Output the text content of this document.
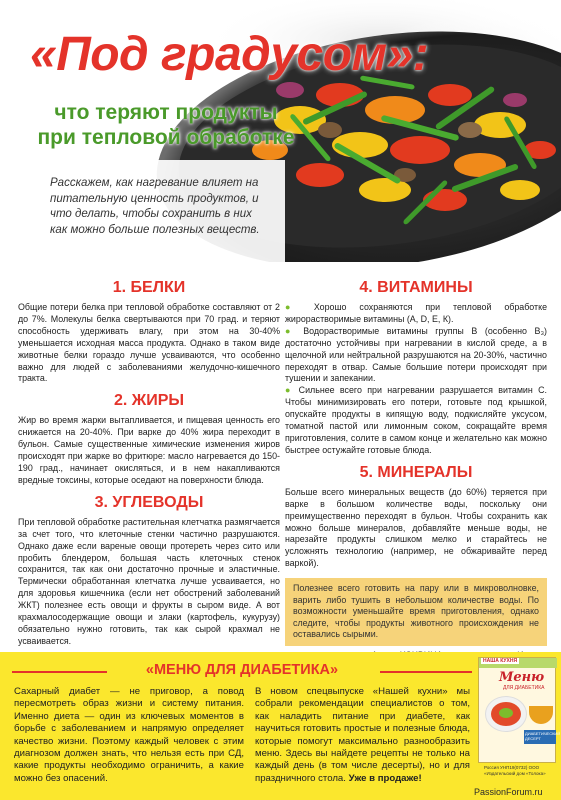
«Под градусом»:
что теряют продукты
при тепловой обработке
Расскажем, как нагревание влияет на питательную ценность продуктов, и что делать, чтобы сохранить в них как можно больше полезных веществ.
1. БЕЛКИ
Общие потери белка при тепловой обработке составляют от 2 до 7%. Молекулы белка свертываются при 70 град. и теряют способность удерживать влагу, при этом на 30-40% уменьшается исходная масса продукта. Однако в таком виде животные белки гораздо лучше усваиваются, что особенно важно для людей с заболеваниями желудочно-кишечного тракта.
2. ЖИРЫ
Жир во время жарки вытапливается, и пищевая ценность его снижается на 20-40%. При варке до 40% жира переходит в бульон. Самые существенные химические изменения жиров происходят при жарке во фритюре: масло нагревается до 150-190 град., начинает окисляться, и в нем накапливаются вредные токсины, которые оседают на поверхности блюда.
3. УГЛЕВОДЫ
При тепловой обработке растительная клетчатка размягчается за счет того, что клеточные стенки частично разрушаются. Однако даже если вареные овощи протереть через сито или пробить блендером, большая часть клеточных стенок сохранится, так как они достаточно прочные и эластичные. Термически обработанная клетчатка лучше усваивается, но для здоровья кишечника (если нет обострений заболеваний ЖКТ) полезнее есть овощи и фрукты в сыром виде. А вот крахмалосодержащие овощи и злаки (картофель, кукурузу) обязательно нужно готовить, так как сырой крахмал не усваивается.
4. ВИТАМИНЫ
● Хорошо сохраняются при тепловой обработке жирорастворимые витамины (А, D, Е, К).
● Водорастворимые витамины группы В (особенно В₃) достаточно устойчивы при нагревании в кислой среде, а в щелочной или нейтральной разрушаются на 20-30%, частично переходят в отвар. Самые большие потери происходят при тушении и запекании.
● Сильнее всего при нагревании разрушается витамин С. Чтобы минимизировать его потери, готовьте под крышкой, опускайте продукты в кипящую воду, подкисляйте уксусом, томатной пастой или лимонным соком, сокращайте время приготовления, солите в самом конце и желательно как можно быстрее остужайте готовые блюда.
5. МИНЕРАЛЫ
Больше всего минеральных веществ (до 60%) теряется при варке в большом количестве воды, поскольку они преимущественно переходят в бульон. Чтобы сохранить как можно больше минералов, добавляйте меньше воды, не нарезайте продукты слишком мелко и старайтесь не усложнять технологию (например, не обжаривайте перед варкой).
Полезнее всего готовить на пару или в микроволновке, варить либо тушить в небольшом количестве воды. По возможности уменьшайте время приготовления, однако следите, чтобы продукты животного происхождения не оставались сырыми.
«МЕНЮ ДЛЯ ДИАБЕТИКА»
Сахарный диабет — не приговор, а повод пересмотреть образ жизни и систему питания. Именно диета — один из ключевых моментов в борьбе с заболеванием и напрямую определяет качество жизни. Поэтому каждый человек с этим диагнозом должен знать, что нельзя есть при СД, какие продукты необходимо ограничить, а какие можно без опасений.
В новом спецвыпуске «Нашей кухни» мы собрали рекомендации специалистов о том, как наладить питание при диабете, как научиться готовить простые и полезные блюда, которые помогут максимально разнообразить меню. Здесь вы найдете рецепты не только на каждый день (в том числе десерты), но и для праздничного стола. Уже в продаже!
НАША КУХНЯ
Меню
ДЛЯ ДИАБЕТИКА
ДИАБЕТИЧЕСКИЙ ДЕСЕРТ
Россия УНП19(0732) ООО «Издательский дом «Толока»
PassionForum.ru
